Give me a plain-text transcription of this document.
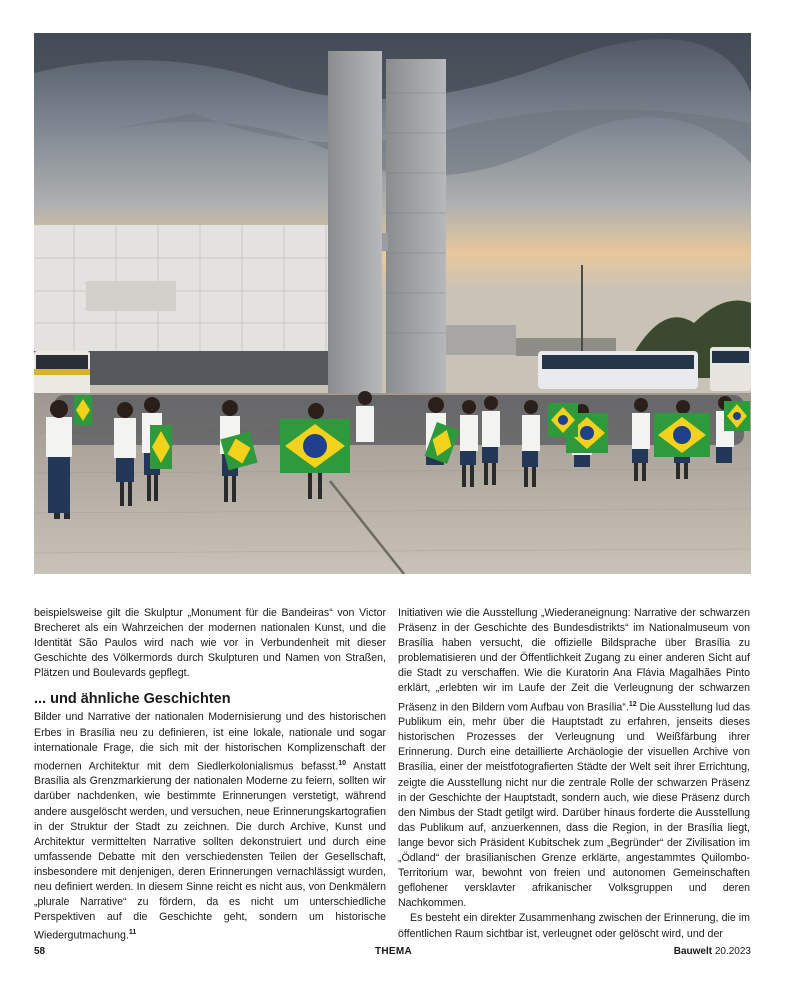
beispielsweise gilt die Skulptur „Monument für die Bandeiras“ von Victor Brecheret als ein Wahrzeichen der modernen nationalen Kunst, und die Identität São Paulos wird nach wie vor in Verbundenheit mit dieser Geschichte des Völkermords durch Skulpturen und Namen von Straßen, Plätzen und Boulevards gepflegt.

... und ähnliche Geschichten

Bilder und Narrative der nationalen Modernisierung und des historischen Erbes in Brasília neu zu definieren, ist eine lokale, nationale und sogar internationale Frage, die sich mit der historischen Komplizenschaft der modernen Architektur mit dem Siedlerkolonialismus befasst.$^{10}$ Anstatt Brasília als Grenzmarkierung der nationalen Moderne zu feiern, sollten wir darüber nachdenken, wie bestimmte Erinnerungen verstetigt, während andere ausgelöscht werden, und versuchen, neue Erinnerungskartografien in der Struktur der Stadt zu zeichnen. Die durch Archive, Kunst und Architektur vermittelten Narrative sollten dekonstruiert und durch eine umfassende Debatte mit den verschiedensten Teilen der Gesellschaft, insbesondere mit denjenigen, deren Erinnerungen vernachlässigt wurden, neu definiert werden. In diesem Sinne reicht es nicht aus, von Denkmälern „plurale Narrative“ zu fördern, da es nicht um unterschiedliche Perspektiven auf die Geschichte geht, sondern um historische Wiedergutmachung.$^{11}$

Initiativen wie die Ausstellung „Wiederaneignung: Narrative der schwarzen Präsenz in der Geschichte des Bundesdistrikts“ im Nationalmuseum von Brasília haben versucht, die offizielle Bildsprache über Brasília zu problematisieren und der Öffentlichkeit Zugang zu einer anderen Sicht auf die Stadt zu verschaffen. Wie die Kuratorin Ana Flávia Magalhães Pinto erklärt, „erlebten wir im Laufe der Zeit die Verleugnung der schwarzen Präsenz in den Bildern vom Aufbau von Brasília“.$^{12}$ Die Ausstellung lud das Publikum ein, mehr über die Hauptstadt zu erfahren, jenseits dieses historischen Prozesses der Verleugnung und Weißfärbung ihrer Erinnerung. Durch eine detaillierte Archäologie der visuellen Archive von Brasília, einer der meistfotografierten Städte der Welt seit ihrer Errichtung, zeigte die Ausstellung nicht nur die zentrale Rolle der schwarzen Präsenz in der Geschichte der Hauptstadt, sondern auch, wie diese Präsenz durch den Nimbus der Stadt getilgt wird. Darüber hinaus forderte die Ausstellung das Publikum auf, anzuerkennen, dass die Region, in der Brasília liegt, lange bevor sich Präsident Kubitschek zum „Begründer“ der Zivilisation im „Ödland“ der brasilianischen Grenze erklärte, angestammtes Quilombo-Territorium war, bewohnt von freien und autonomen Gemeinschaften geflohener versklavter afrikanischer Volksgruppen und deren Nachkommen.

Es besteht ein direkter Zusammenhang zwischen der Erinnerung, die im öffentlichen Raum sichtbar ist, verleugnet oder gelöscht wird, und der

58	THEMA	Bauwelt 20.2023
